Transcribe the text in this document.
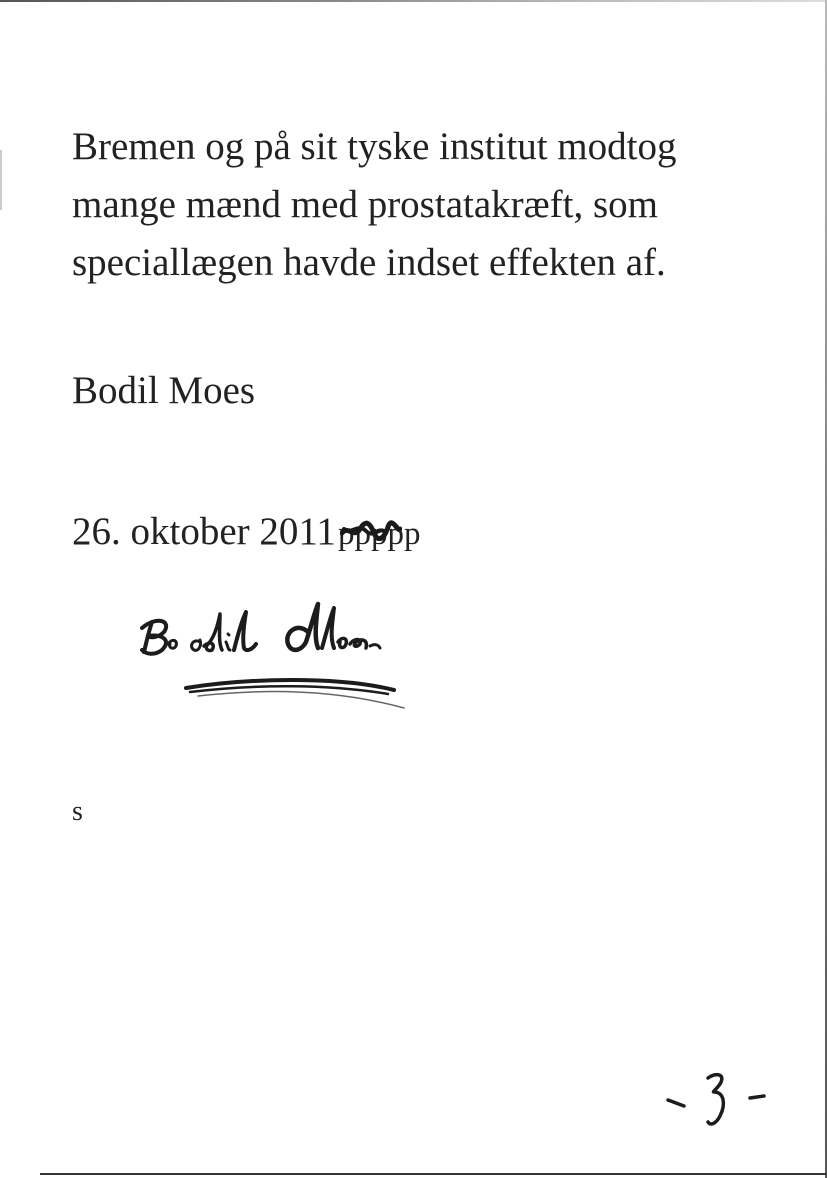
Bremen og på sit tyske institut modtog
mange mænd med prostatakræft, som
speciallægen havde indset effekten af.

Bodil Moes

26. oktober 2011ppppp

s
